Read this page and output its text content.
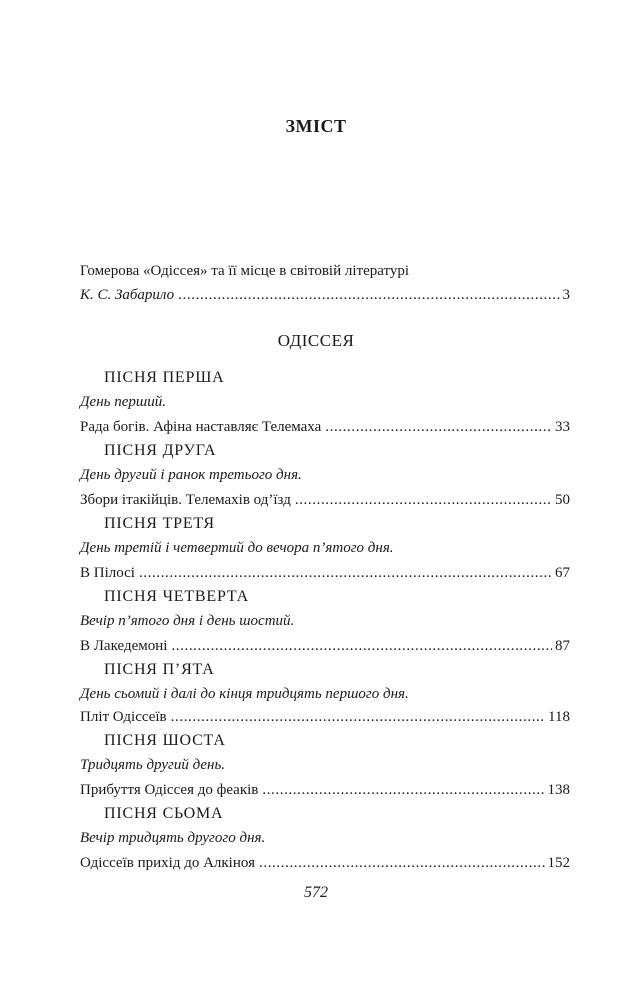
ЗМІСТ
Гомерова «Одіссея» та її місце в світовій літературі
К. С. Забарило .....	3
ОДІССЕЯ
ПІСНЯ ПЕРША
День перший.
Рада богів. Афіна наставляє Телемаха .....	33
ПІСНЯ ДРУГА
День другий і ранок третього дня.
Збори ітакійців. Телемахів од’їзд .....	50
ПІСНЯ ТРЕТЯ
День третій і четвертий до вечора п’ятого дня.
В Пілосі .....	67
ПІСНЯ ЧЕТВЕРТА
Вечір п’ятого дня і день шостий.
В Лакедемоні .....	87
ПІСНЯ П’ЯТА
День сьомий і далі до кінця тридцять першого дня.
Пліт Одіссеїв .....	118
ПІСНЯ ШОСТА
Тридцять другий день.
Прибуття Одіссея до феаків .....	138
ПІСНЯ СЬОМА
Вечір тридцять другого дня.
Одіссеїв прихід до Алкіноя .....	152
572
